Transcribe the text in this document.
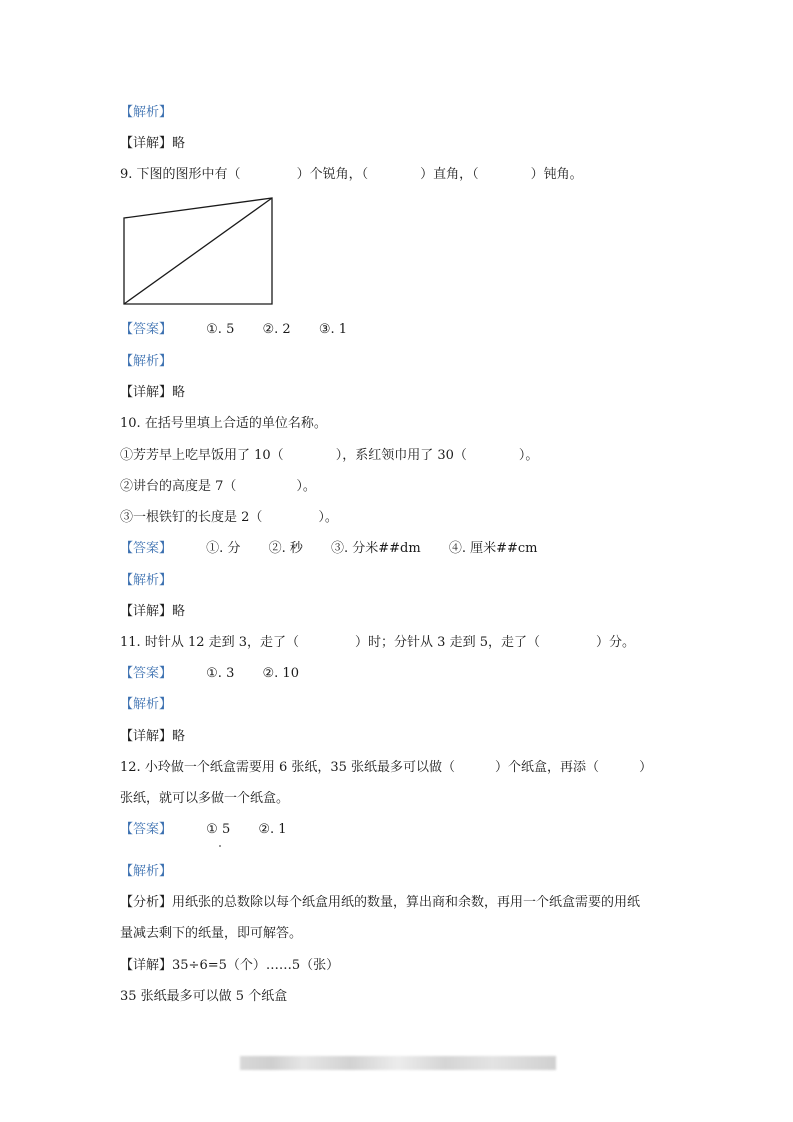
【解析】
【详解】略
9. 下图的图形中有（	）个锐角，（	）直角，（	）钝角。
【答案】	①. 5 ②. 2 ③. 1
【解析】
【详解】略
10. 在括号里填上合适的单位名称。
①芳芳早上吃早饭用了 10（	），系红领巾用了 30（	）。
②讲台的高度是 7（	）。
③一根铁钉的长度是 2（	）。
【答案】	①. 分 ②. 秒 ③. 分米##dm ④. 厘米##cm
【解析】
【详解】略
11. 时针从 12 走到 3，走了（	）时；分针从 3 走到 5，走了（	）分。
【答案】	①. 3 ②. 10
【解析】
【详解】略
12. 小玲做一个纸盒需要用 6 张纸，35 张纸最多可以做（	）个纸盒，再添（	）
张纸，就可以多做一个纸盒。
【答案】	① 5 ②. 1
【解析】
【分析】用纸张的总数除以每个纸盒用纸的数量，算出商和余数，再用一个纸盒需要的用纸
量减去剩下的纸量，即可解答。
【详解】35÷6=5（个）……5（张）
35 张纸最多可以做 5 个纸盒
